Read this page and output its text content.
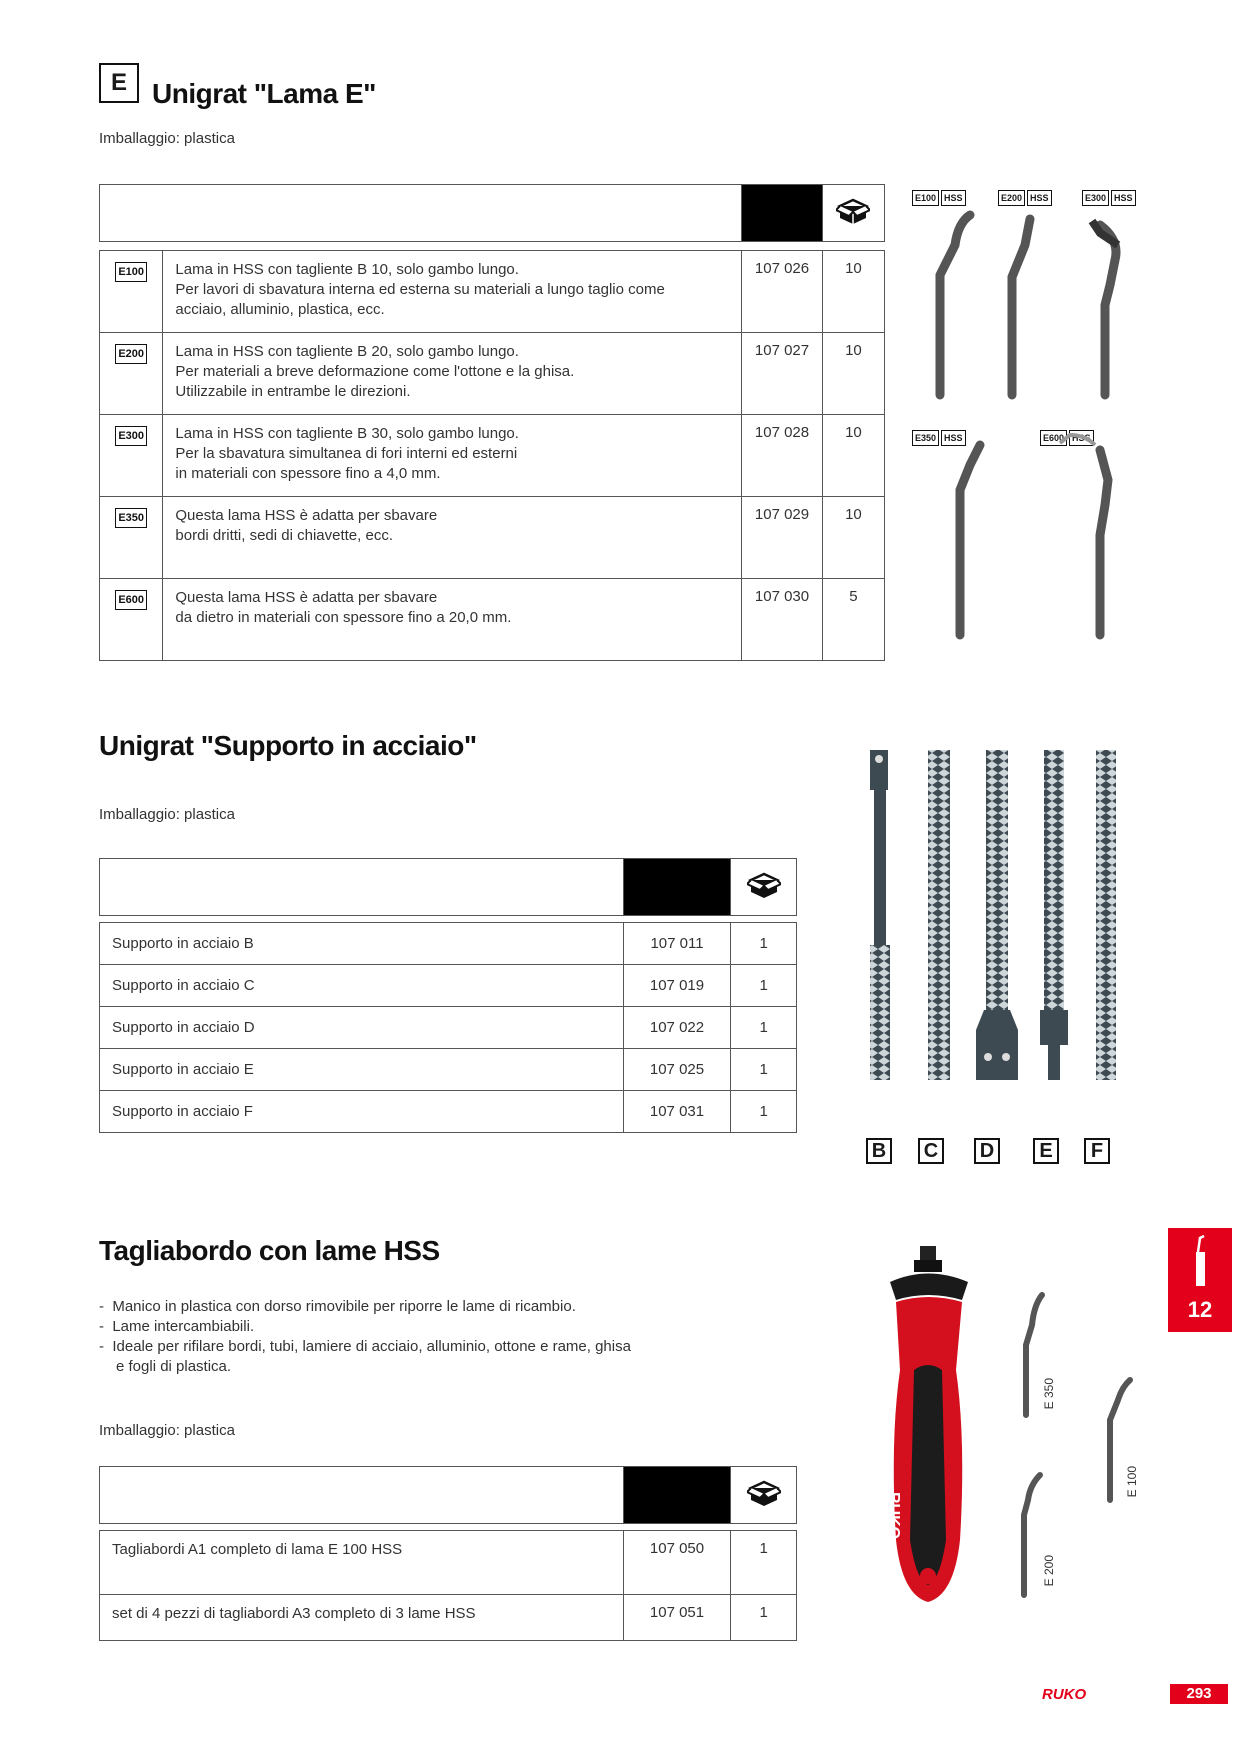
E Unigrat "Lama E"
Imballaggio: plastica

E100	Lama in HSS con tagliente B 10, solo gambo lungo.
Per lavori di sbavatura interna ed esterna su materiali a lungo taglio come
acciaio, alluminio, plastica, ecc.	107 026	10
E200	Lama in HSS con tagliente B 20, solo gambo lungo.
Per materiali a breve deformazione come l'ottone e la ghisa.
Utilizzabile in entrambe le direzioni.	107 027	10
E300	Lama in HSS con tagliente B 30, solo gambo lungo.
Per la sbavatura simultanea di fori interni ed esterni
in materiali con spessore fino a 4,0 mm.	107 028	10
E350	Questa lama HSS è adatta per sbavare
bordi dritti, sedi di chiavette, ecc.	107 029	10
E600	Questa lama HSS è adatta per sbavare
da dietro in materiali con spessore fino a 20,0 mm.	107 030	5
E100 HSS	E200 HSS	E300 HSS
E350 HSS	E600 HSS
Unigrat "Supporto in acciaio"
Imballaggio: plastica

Supporto in acciaio B	107 011	1
Supporto in acciaio C	107 019	1
Supporto in acciaio D	107 022	1
Supporto in acciaio E	107 025	1
Supporto in acciaio F	107 031	1
B C D	E	F
Tagliabordo con lame HSS
-  Manico in plastica con dorso rimovibile per riporre le lame di ricambio.
-  Lame intercambiabili.
-  Ideale per rifilare bordi, tubi, lamiere di acciaio, alluminio, ottone e rame, ghisa
e fogli di plastica.
Imballaggio: plastica

Tagliabordi A1 completo di lama E 100 HSS	107 050	1
set di 4 pezzi di tagliabordi A3 completo di 3 lame HSS	107 051	1
RUKO
E 350
E 100
E 200
12
RUKO	293
